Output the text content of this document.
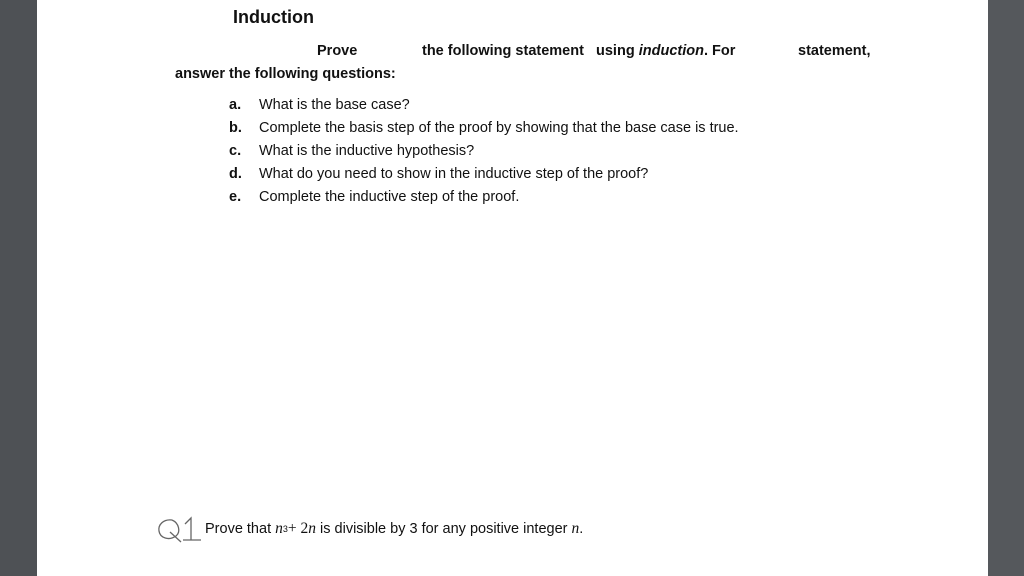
Induction
Prove	the following statement using induction. For	statement,
answer the following questions:
a. What is the base case?
b. Complete the basis step of the proof by showing that the base case is true.
c. What is the inductive hypothesis?
d. What do you need to show in the inductive step of the proof?
e. Complete the inductive step of the proof.
Prove that
n 3 + 2 n
is divisible by 3 for any positive integer
n .
